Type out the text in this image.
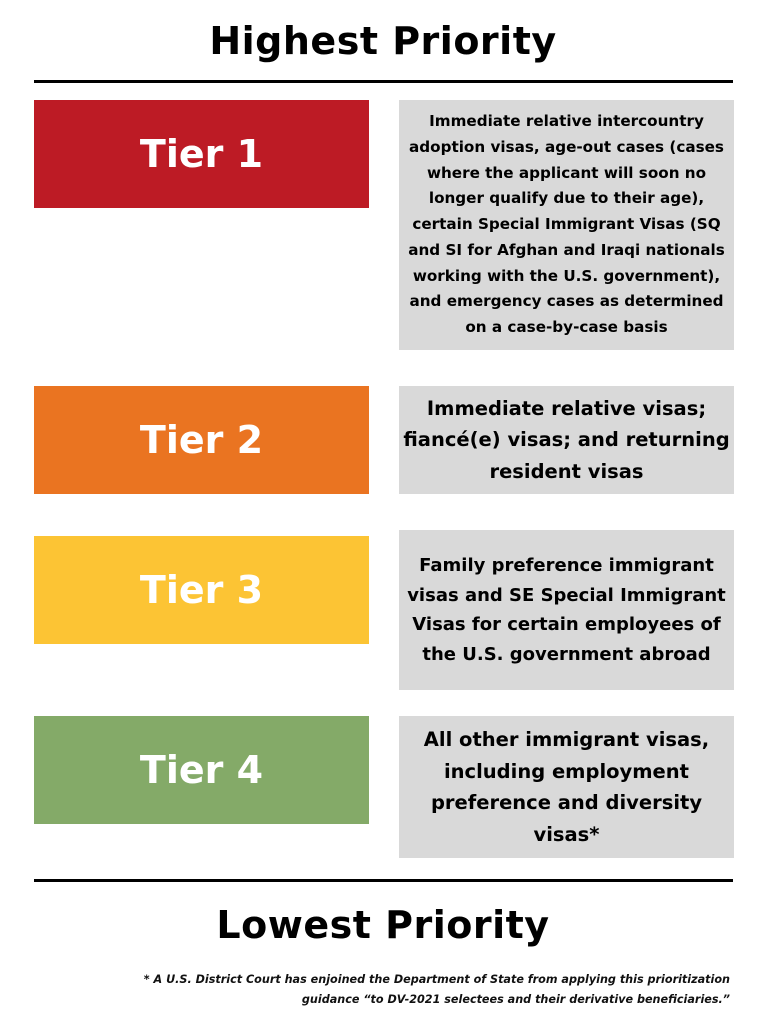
Highest Priority
Tier 1
Immediate relative intercountry adoption visas, age-out cases (cases where the applicant will soon no longer qualify due to their age), certain Special Immigrant Visas (SQ and SI for Afghan and Iraqi nationals working with the U.S. government), and emergency cases as determined on a case-by-case basis
Tier 2
Immediate relative visas; fiancé(e) visas; and returning resident visas
Tier 3
Family preference immigrant visas and SE Special Immigrant Visas for certain employees of the U.S. government abroad
Tier 4
All other immigrant visas, including employment preference and diversity visas*
Lowest Priority
* A U.S. District Court has enjoined the Department of State from applying this prioritization guidance “to DV-2021 selectees and their derivative beneficiaries.”
